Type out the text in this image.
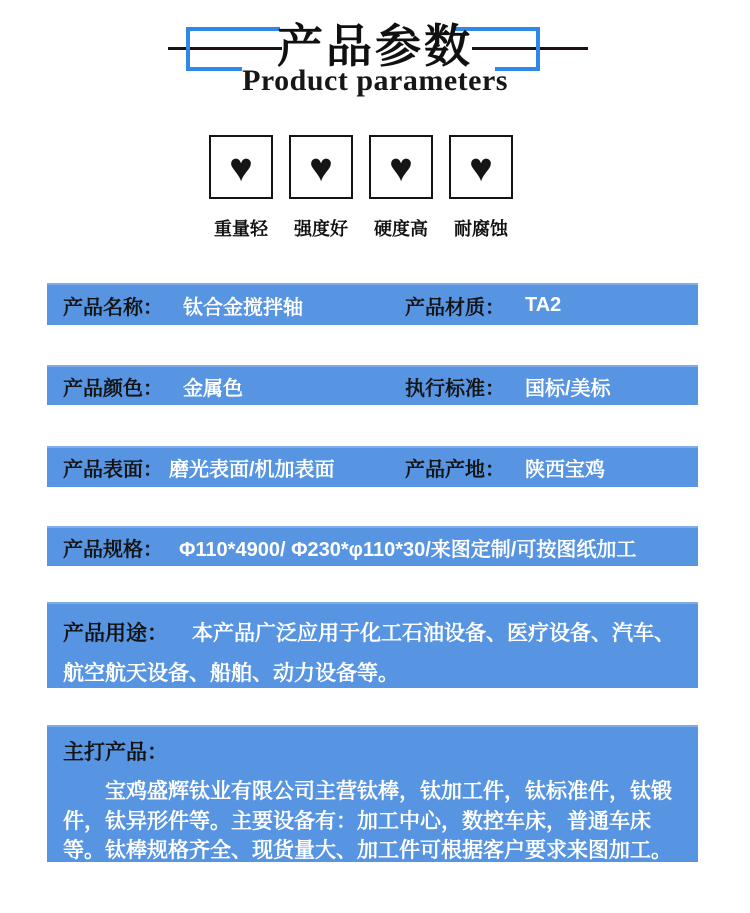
产品参数
Product parameters
♥
重量轻
♥
强度好
♥
硬度高
♥
耐腐蚀
产品名称： 钛合金搅拌轴	产品材质： TA2
产品颜色： 金属色	执行标准： 国标/美标
产品表面： 磨光表面/机加表面	产品产地： 陕西宝鸡
产品规格： Φ110*4900/ Φ230*φ110*30/来图定制/可按图纸加工
产品用途： 本产品广泛应用于化工石油设备、医疗设备、汽车、航空航天设备、船舶、动力设备等。
主打产品：
宝鸡盛辉钛业有限公司主营钛棒，钛加工件，钛标准件，钛锻件，钛异形件等。主要设备有：加工中心，数控车床，普通车床等。钛棒规格齐全、现货量大、加工件可根据客户要求来图加工。
